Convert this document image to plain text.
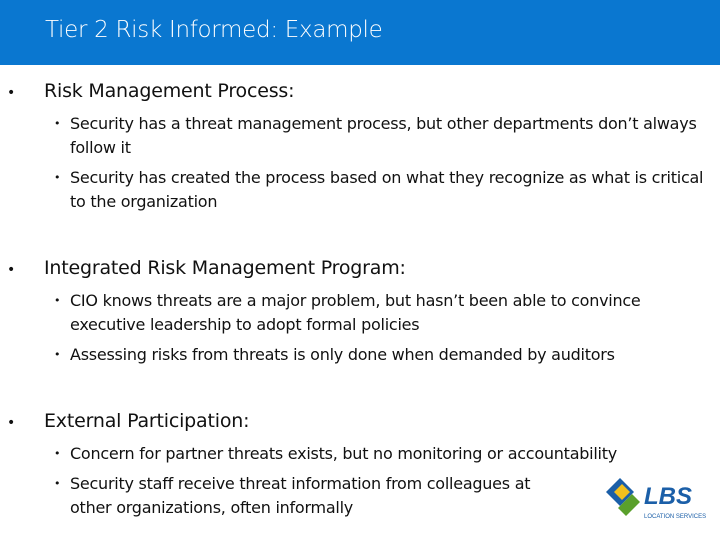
Tier 2 Risk Informed: Example
• Risk Management Process:
• Security has a threat management process, but other departments don’t always follow it
• Security has created the process based on what they recognize as what is critical to the organization
• Integrated Risk Management Program:
• CIO knows threats are a major problem, but hasn’t been able to convince executive leadership to adopt formal policies
• Assessing risks from threats is only done when demanded by auditors
• External Participation:
• Concern for partner threats exists, but no monitoring or accountability
• Security staff receive threat information from colleagues at other organizations, often informally	LBS
LOCATION SERVICES
